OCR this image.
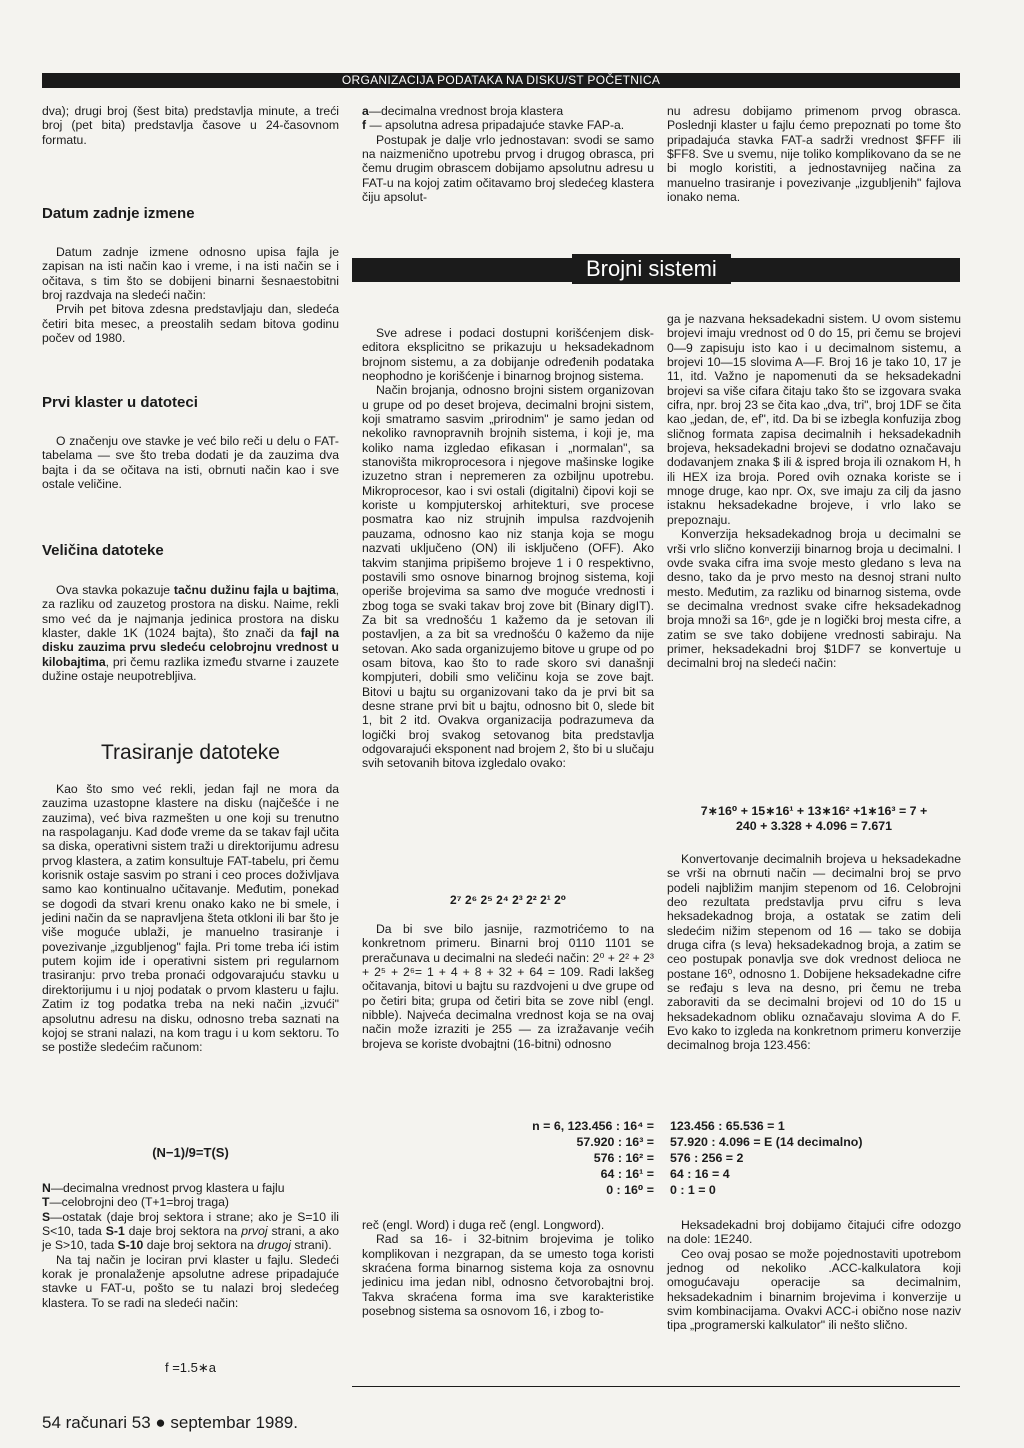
ORGANIZACIJA PODATAKA NA DISKU/ST POČETNICA

dva); drugi broj (šest bita) predstavlja minute, a treći broj (pet bita) predstavlja časove u 24-časovnom formatu.

Datum zadnje izmene

Datum zadnje izmene odnosno upisa fajla je zapisan na isti način kao i vreme, i na isti način se i očitava, s tim što se dobijeni binarni šesnaestobitni broj razdvaja na sledeći način:

Prvih pet bitova zdesna predstavljaju dan, sledeća četiri bita mesec, a preostalih sedam bitova godinu počev od 1980.

Prvi klaster u datoteci

O značenju ove stavke je već bilo reči u delu o FAT-tabelama — sve što treba dodati je da zauzima dva bajta i da se očitava na isti, obrnuti način kao i sve ostale veličine.

Veličina datoteke

Ova stavka pokazuje tačnu dužinu fajla u bajtima, za razliku od zauzetog prostora na disku. Naime, rekli smo već da je najmanja jedinica prostora na disku klaster, dakle 1K (1024 bajta), što znači da fajl na disku zauzima prvu sledeću celobrojnu vrednost u kilobajtima, pri čemu razlika između stvarne i zauzete dužine ostaje neupotrebljiva.

Trasiranje datoteke

Kao što smo već rekli, jedan fajl ne mora da zauzima uzastopne klastere na disku (najčešće i ne zauzima), već biva razmešten u one koji su trenutno na raspolaganju. Kad dođe vreme da se takav fajl učita sa diska, operativni sistem traži u direktorijumu adresu prvog klastera, a zatim konsultuje FAT-tabelu, pri čemu korisnik ostaje sasvim po strani i ceo proces doživljava samo kao kontinualno učitavanje. Međutim, ponekad se dogodi da stvari krenu onako kako ne bi smele, i jedini način da se napravljena šteta otkloni ili bar što je više moguće ublaži, je manuelno trasiranje i povezivanje „izgubljenog" fajla. Pri tome treba ići istim putem kojim ide i operativni sistem pri regularnom trasiranju: prvo treba pronaći odgovarajuću stavku u direktorijumu i u njoj podatak o prvom klasteru u fajlu. Zatim iz tog podatka treba na neki način „izvući" apsolutnu adresu na disku, odnosno treba saznati na kojoj se strani nalazi, na kom tragu i u kom sektoru. To se postiže sledećim računom:

(N−1)/9=T(S)

N—decimalna vrednost prvog klastera u fajlu

T—celobrojni deo (T+1=broj traga)

S—ostatak (daje broj sektora i strane; ako je S=10 ili S<10, tada S-1 daje broj sektora na prvoj strani, a ako je S>10, tada S-10 daje broj sektora na drugoj strani).

Na taj način je lociran prvi klaster u fajlu. Sledeći korak je pronalaženje apsolutne adrese pripadajuće stavke u FAT-u, pošto se tu nalazi broj sledećeg klastera. To se radi na sledeći način:

f =1.5∗a

a—decimalna vrednost broja klastera

f — apsolutna adresa pripadajuće stavke FAP-a.

Postupak je dalje vrlo jednostavan: svodi se samo na naizmenično upotrebu prvog i drugog obrasca, pri čemu drugim obrascem dobijamo apsolutnu adresu u FAT-u na kojoj zatim očitavamo broj sledećeg klastera čiju apsolut-

nu adresu dobijamo primenom prvog obrasca. Poslednji klaster u fajlu ćemo prepoznati po tome što pripadajuća stavka FAT-a sadrži vrednost $FFF ili $FF8. Sve u svemu, nije toliko komplikovano da se ne bi moglo koristiti, a jednostavnijeg načina za manuelno trasiranje i povezivanje „izgubljenih" fajlova ionako nema.

Brojni sistemi

Sve adrese i podaci dostupni korišćenjem disk-editora eksplicitno se prikazuju u heksadekadnom brojnom sistemu, a za dobijanje određenih podataka neophodno je korišćenje i binarnog brojnog sistema.

Način brojanja, odnosno brojni sistem organizovan u grupe od po deset brojeva, decimalni brojni sistem, koji smatramo sasvim „prirodnim" je samo jedan od nekoliko ravnopravnih brojnih sistema, i koji je, ma koliko nama izgledao efikasan i „normalan", sa stanovišta mikroprocesora i njegove mašinske logike izuzetno stran i nepremeren za ozbiljnu upotrebu. Mikroprocesor, kao i svi ostali (digitalni) čipovi koji se koriste u kompjuterskoj arhitekturi, sve procese posmatra kao niz strujnih impulsa razdvojenih pauzama, odnosno kao niz stanja koja se mogu nazvati uključeno (ON) ili isključeno (OFF). Ako takvim stanjima pripišemo brojeve 1 i 0 respektivno, postavili smo osnove binarnog brojnog sistema, koji operiše brojevima sa samo dve moguće vrednosti i zbog toga se svaki takav broj zove bit (Binary digIT). Za bit sa vrednošću 1 kažemo da je setovan ili postavljen, a za bit sa vrednošću 0 kažemo da nije setovan. Ako sada organizujemo bitove u grupe od po osam bitova, kao što to rade skoro svi današnji kompjuteri, dobili smo veličinu koja se zove bajt. Bitovi u bajtu su organizovani tako da je prvi bit sa desne strane prvi bit u bajtu, odnosno bit 0, slede bit 1, bit 2 itd. Ovakva organizacija podrazumeva da logički broj svakog setovanog bita predstavlja odgovarajući eksponent nad brojem 2, što bi u slučaju svih setovanih bitova izgledalo ovako:

2⁷ 2⁶ 2⁵ 2⁴ 2³ 2² 2¹ 2⁰

Da bi sve bilo jasnije, razmotrićemo to na konkretnom primeru. Binarni broj 0110 1101 se preračunava u decimalni na sledeći način: 2⁰ + 2² + 2³ + 2⁵ + 2⁶= 1 + 4 + 8 + 32 + 64 = 109. Radi lakšeg očitavanja, bitovi u bajtu su razdvojeni u dve grupe od po četiri bita; grupa od četiri bita se zove nibl (engl. nibble). Najveća decimalna vrednost koja se na ovaj način može izraziti je 255 — za izražavanje većih brojeva se koriste dvobajtni (16-bitni) odnosno

ga je nazvana heksadekadni sistem. U ovom sistemu brojevi imaju vrednost od 0 do 15, pri čemu se brojevi 0—9 zapisuju isto kao i u decimalnom sistemu, a brojevi 10—15 slovima A—F. Broj 16 je tako 10, 17 je 11, itd. Važno je napomenuti da se heksadekadni brojevi sa više cifara čitaju tako što se izgovara svaka cifra, npr. broj 23 se čita kao „dva, tri", broj 1DF se čita kao „jedan, de, ef", itd. Da bi se izbegla konfuzija zbog sličnog formata zapisa decimalnih i heksadekadnih brojeva, heksadekadni brojevi se dodatno označavaju dodavanjem znaka $ ili & ispred broja ili oznakom H, h ili HEX iza broja. Pored ovih oznaka koriste se i mnoge druge, kao npr. Ox, sve imaju za cilj da jasno istaknu heksadekadne brojeve, i vrlo lako se prepoznaju.

Konverzija heksadekadnog broja u decimalni se vrši vrlo slično konverziji binarnog broja u decimalni. I ovde svaka cifra ima svoje mesto gledano s leva na desno, tako da je prvo mesto na desnoj strani nulto mesto. Međutim, za razliku od binarnog sistema, ovde se decimalna vrednost svake cifre heksadekadnog broja množi sa 16ⁿ, gde je n logički broj mesta cifre, a zatim se sve tako dobijene vrednosti sabiraju. Na primer, heksadekadni broj $1DF7 se konvertuje u decimalni broj na sledeći način:

7∗16⁰ + 15∗16¹ + 13∗16² +1∗16³ = 7 +
240 + 3.328 + 4.096 = 7.671

Konvertovanje decimalnih brojeva u heksadekadne se vrši na obrnuti način — decimalni broj se prvo podeli najbližim manjim stepenom od 16. Celobrojni deo rezultata predstavlja prvu cifru s leva heksadekadnog broja, a ostatak se zatim deli sledećim nižim stepenom od 16 — tako se dobija druga cifra (s leva) heksadekadnog broja, a zatim se ceo postupak ponavlja sve dok vrednost delioca ne postane 16⁰, odnosno 1. Dobijene heksadekadne cifre se ređaju s leva na desno, pri čemu ne treba zaboraviti da se decimalni brojevi od 10 do 15 u heksadekadnom obliku označavaju slovima A do F. Evo kako to izgleda na konkretnom primeru konverzije decimalnog broja 123.456:

n = 6, 123.456 : 16⁴ = 123.456 : 65.536 = 1
57.920 : 16³ = 57.920 : 4.096 = E (14 decimalno)
576 : 16² = 576 : 256 = 2
64 : 16¹ = 64 : 16 = 4
0 : 16⁰ = 0 : 1 = 0

reč (engl. Word) i duga reč (engl. Longword).

Rad sa 16- i 32-bitnim brojevima je toliko komplikovan i nezgrapan, da se umesto toga koristi skraćena forma binarnog sistema koja za osnovnu jedinicu ima jedan nibl, odnosno četvorobajtni broj. Takva skraćena forma ima sve karakteristike posebnog sistema sa osnovom 16, i zbog to-

Heksadekadni broj dobijamo čitajući cifre odozgo na dole: 1E240.

Ceo ovaj posao se može pojednostaviti upotrebom jednog od nekoliko .ACC-kalkulatora koji omogućavaju operacije sa decimalnim, heksadekadnim i binarnim brojevima i konverzije u svim kombinacijama. Ovakvi ACC-i obično nose naziv tipa „programerski kalkulator" ili nešto slično.

54 računari 53 ● septembar 1989.
